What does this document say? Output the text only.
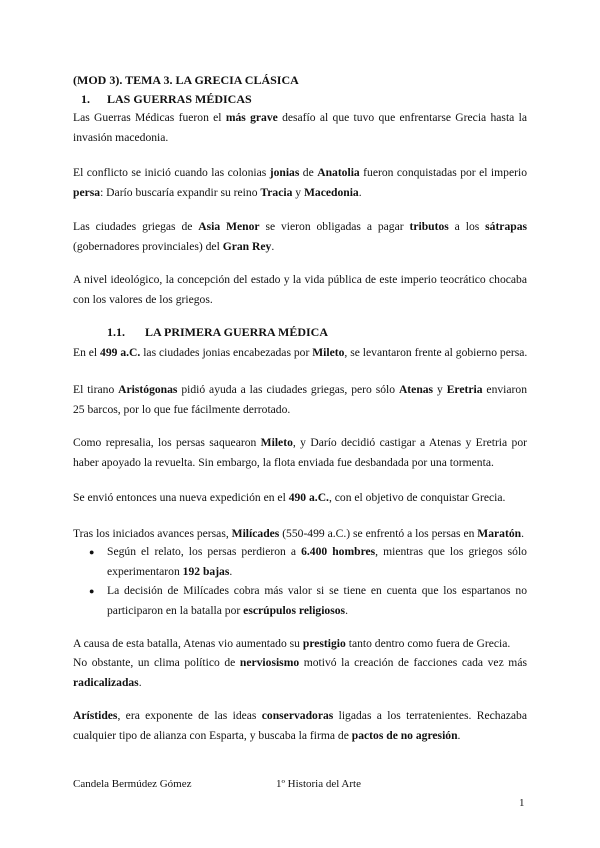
(MOD 3). TEMA 3. LA GRECIA CLÁSICA
1. LAS GUERRAS MÉDICAS
Las Guerras Médicas fueron el más grave desafío al que tuvo que enfrentarse Grecia hasta la invasión macedonia.
El conflicto se inició cuando las colonias jonias de Anatolia fueron conquistadas por el imperio persa: Darío buscaría expandir su reino Tracia y Macedonia.
Las ciudades griegas de Asia Menor se vieron obligadas a pagar tributos a los sátrapas (gobernadores provinciales) del Gran Rey.
A nivel ideológico, la concepción del estado y la vida pública de este imperio teocrático chocaba con los valores de los griegos.
1.1. LA PRIMERA GUERRA MÉDICA
En el 499 a.C. las ciudades jonias encabezadas por Mileto, se levantaron frente al gobierno persa.
El tirano Aristógonas pidió ayuda a las ciudades griegas, pero sólo Atenas y Eretria enviaron 25 barcos, por lo que fue fácilmente derrotado.
Como represalia, los persas saquearon Mileto, y Darío decidió castigar a Atenas y Eretria por haber apoyado la revuelta. Sin embargo, la flota enviada fue desbandada por una tormenta.
Se envió entonces una nueva expedición en el 490 a.C., con el objetivo de conquistar Grecia.
Tras los iniciados avances persas, Milícades (550-499 a.C.) se enfrentó a los persas en Maratón.
● Según el relato, los persas perdieron a 6.400 hombres, mientras que los griegos sólo experimentaron 192 bajas.
● La decisión de Milícades cobra más valor si se tiene en cuenta que los espartanos no participaron en la batalla por escrúpulos religiosos.
A causa de esta batalla, Atenas vio aumentado su prestigio tanto dentro como fuera de Grecia.
No obstante, un clima político de nerviosismo motivó la creación de facciones cada vez más radicalizadas.
Arístides, era exponente de las ideas conservadoras ligadas a los terratenientes. Rechazaba cualquier tipo de alianza con Esparta, y buscaba la firma de pactos de no agresión.
Candela Bermúdez Gómez	1º Historia del Arte
1
